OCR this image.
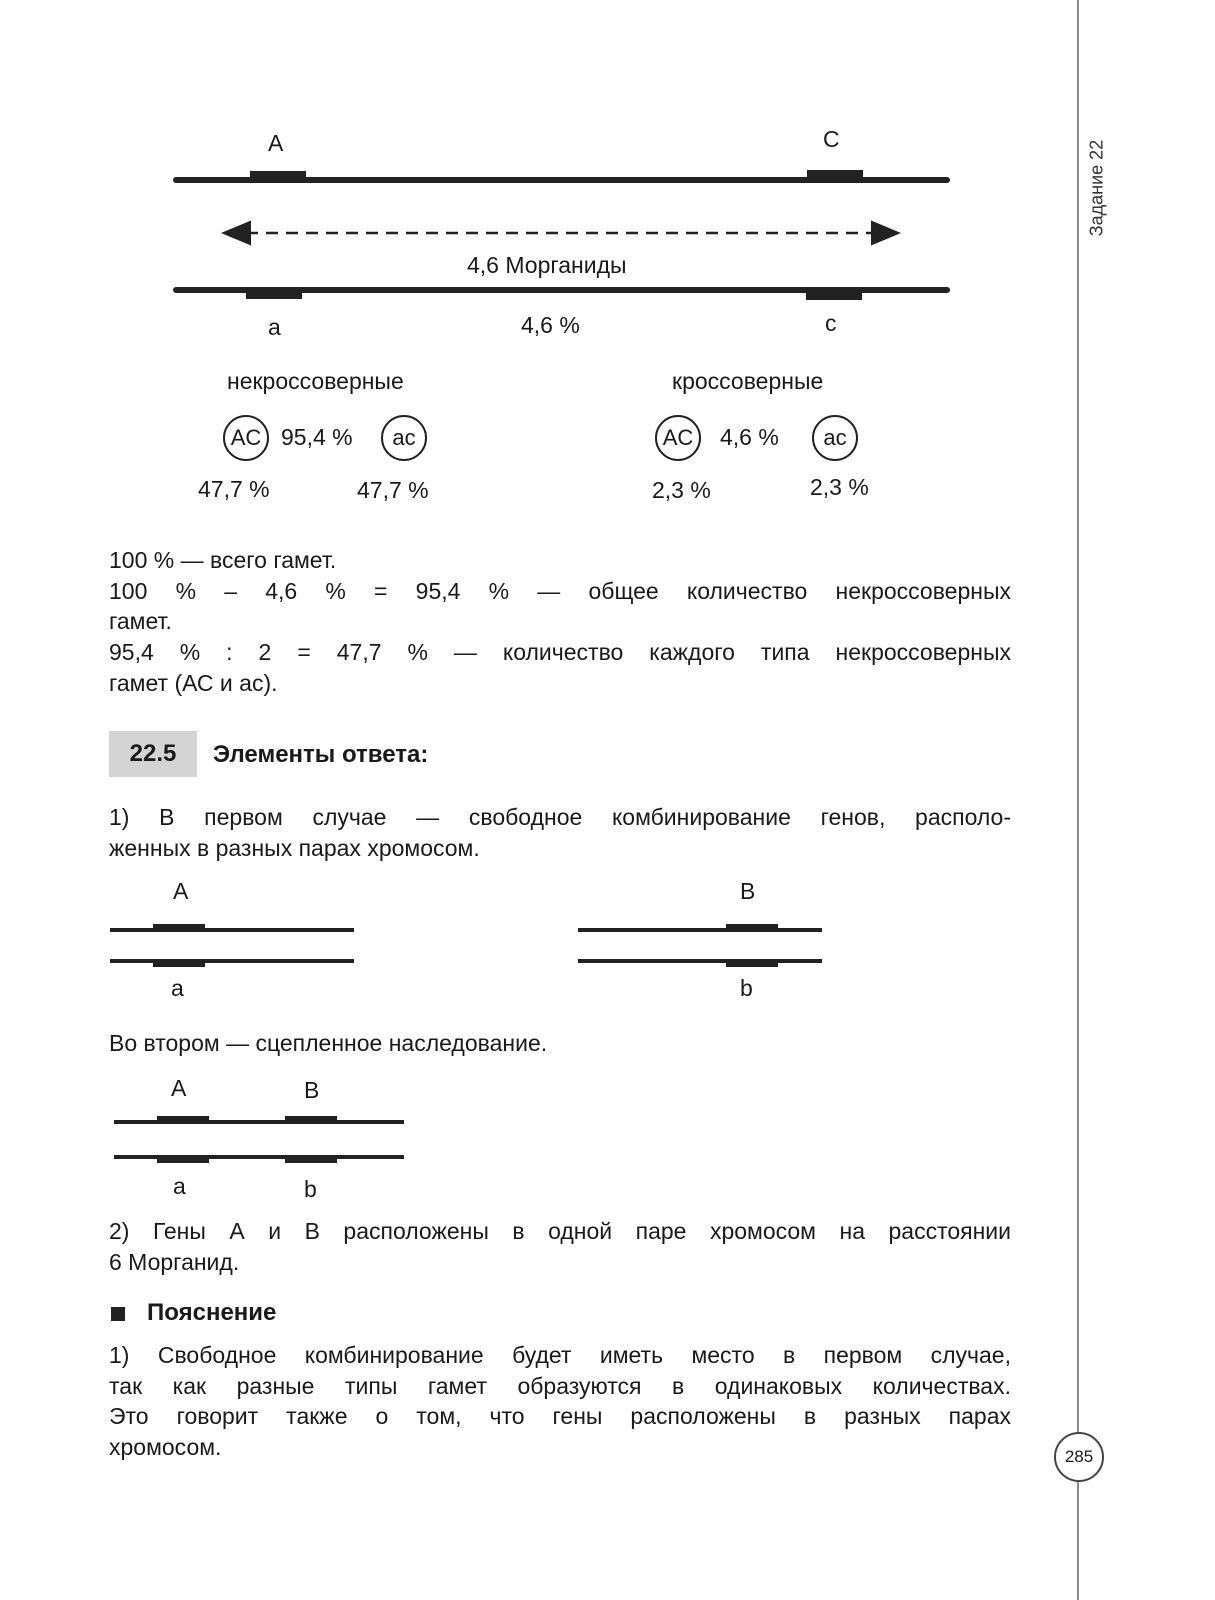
Задание 22
285
A	C
4,6 Морганиды
a	4,6 %	c
некроссоверные
AC 95,4 %	ac
47,7 %	47,7 %
кроссоверные
AC	4,6 %	ac
2,3 %	2,3 %
100 % — всего гамет.
100 % – 4,6 % = 95,4 % — общее количество некроссоверных
гамет.
95,4 % : 2 = 47,7 % — количество каждого типа некроссоверных
гамет (АС и ас).
22.5	Элементы ответа:
1) В первом случае — свободное комбинирование генов, располо-
женных в разных парах хромосом.
A
a
B
b
Во втором — сцепленное наследование.
A	B
a	b
2) Гены А и В расположены в одной паре хромосом на расстоянии
6 Морганид.
Пояснение
1) Свободное комбинирование будет иметь место в первом случае,
так как разные типы гамет образуются в одинаковых количествах.
Это говорит также о том, что гены расположены в разных парах
хромосом.
